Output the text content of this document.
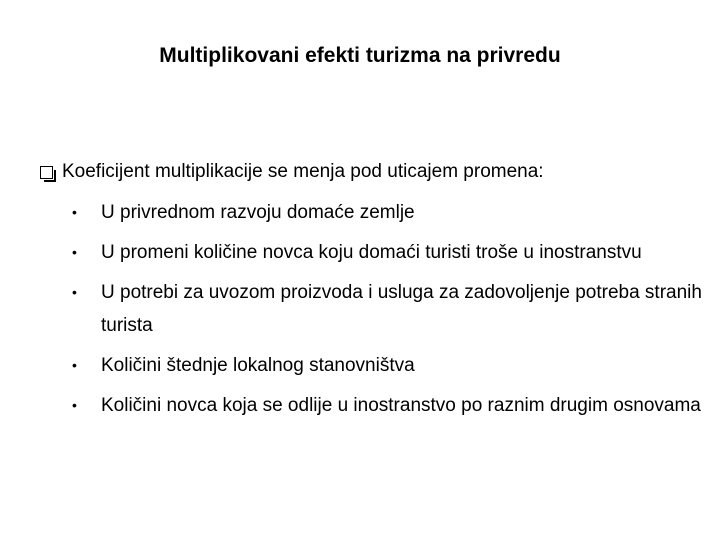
Multiplikovani efekti turizma na privredu
Koeficijent multiplikacije se menja pod uticajem promena:
•	U privrednom razvoju domaće zemlje
•	U promeni količine novca koju domaći turisti troše u inostranstvu
•	U potrebi za uvozom proizvoda i usluga za zadovoljenje potreba stranih turista
•	Količini štednje lokalnog stanovništva
•	Količini novca koja se odlije u inostranstvo po raznim drugim osnovama
